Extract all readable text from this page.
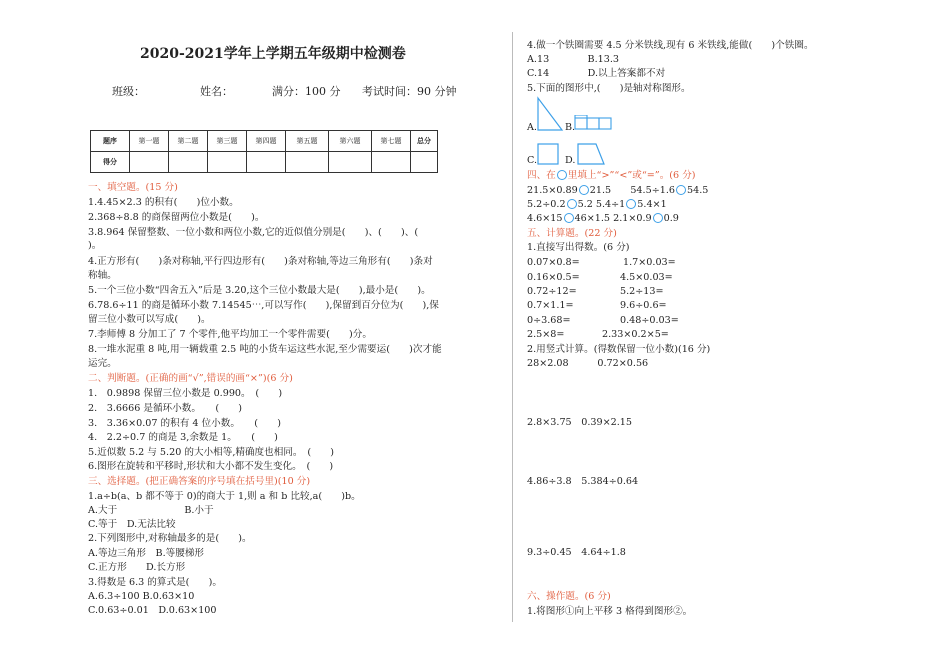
2020-2021学年上学期五年级期中检测卷
班级：	姓名：	满分：100 分 考试时间：90 分钟
题序	第一题	第二题	第三题	第四题	第五题	第六题	第七题	总分
得分								
一、填空题。(15 分)
1.4.45×2.3 的积有(　　)位小数。
2.368÷8.8 的商保留两位小数是(　　)。
3.8.964 保留整数、一位小数和两位小数,它的近似值分别是(　　)、(　　)、(
)。
4.正方形有(　　)条对称轴,平行四边形有(　　)条对称轴,等边三角形有(　　)条对
称轴。
5.一个三位小数“四舍五入”后是 3.20,这个三位小数最大是(　　),最小是(　　)。
6.78.6÷11 的商是循环小数 7.14545⋯,可以写作(　　),保留到百分位为(　　),保
留三位小数可以写成(　　)。
7.李师傅 8 分加工了 7 个零件,他平均加工一个零件需要(　　)分。
8.一堆水泥重 8 吨,用一辆载重 2.5 吨的小货车运这些水泥,至少需要运(　　)次才能
运完。
二、判断题。(正确的画“√”,错误的画“×”)(6 分)
1.　0.9898 保留三位小数是 0.990。　(　　)
2.　3.6666 是循环小数。　　(　　)
3.　3.36×0.07 的积有 4 位小数。　　(　　)
4.　2.2÷0.7 的商是 3,余数是 1。　　(　　)
5.近似数 5.2 与 5.20 的大小相等,精确度也相同。　(　　)
6.图形在旋转和平移时,形状和大小都不发生变化。　(　　)
三、选择题。(把正确答案的序号填在括号里)(10 分)
1.a÷b(a、b 都不等于 0)的商大于 1,则 a 和 b 比较,a(　　)b。
A.大于　　　　　　　B.小于
C.等于　D.无法比较
2.下列图形中,对称轴最多的是(　　)。
A.等边三角形　B.等腰梯形
C.正方形　　D.长方形
3.得数是 6.3 的算式是(　　)。
A.6.3÷100 B.0.63×10
C.0.63÷0.01　D.0.63×100
4.做一个铁圈需要 4.5 分米铁线,现有 6 米铁线,能做(　　)个铁圈。
A.13　　　　B.13.3
C.14　　　　D.以上答案都不对
5.下面的图形中,(　　)是轴对称图形。
A.	B.
C.	D.
四、在 里填上“>”“<”或“=”。(6 分)
21.5×0.89 21.5　　 54.5÷1.6 54.5
5.2÷0.2 5.2 5.4÷1 5.4×1
4.6×15 46×1.5 2.1×0.9 0.9
五、计算题。(22 分)
1.直接写出得数。(6 分)
0.07×0.8=	1.7×0.03=
0.16×0.5=	4.5×0.03=
0.72÷12=	5.2÷13=
0.7×1.1=	9.6÷0.6=
0÷3.68=	0.48÷0.03=
2.5×8=	2.33×0.2×5=
2.用竖式计算。(得数保留一位小数)(16 分)
28×2.08　　　0.72×0.56
2.8×3.75　0.39×2.15
4.86÷3.8　5.384÷0.64
9.3÷0.45　4.64÷1.8
六、操作题。(6 分)
1.将图形①向上平移 3 格得到图形②。
